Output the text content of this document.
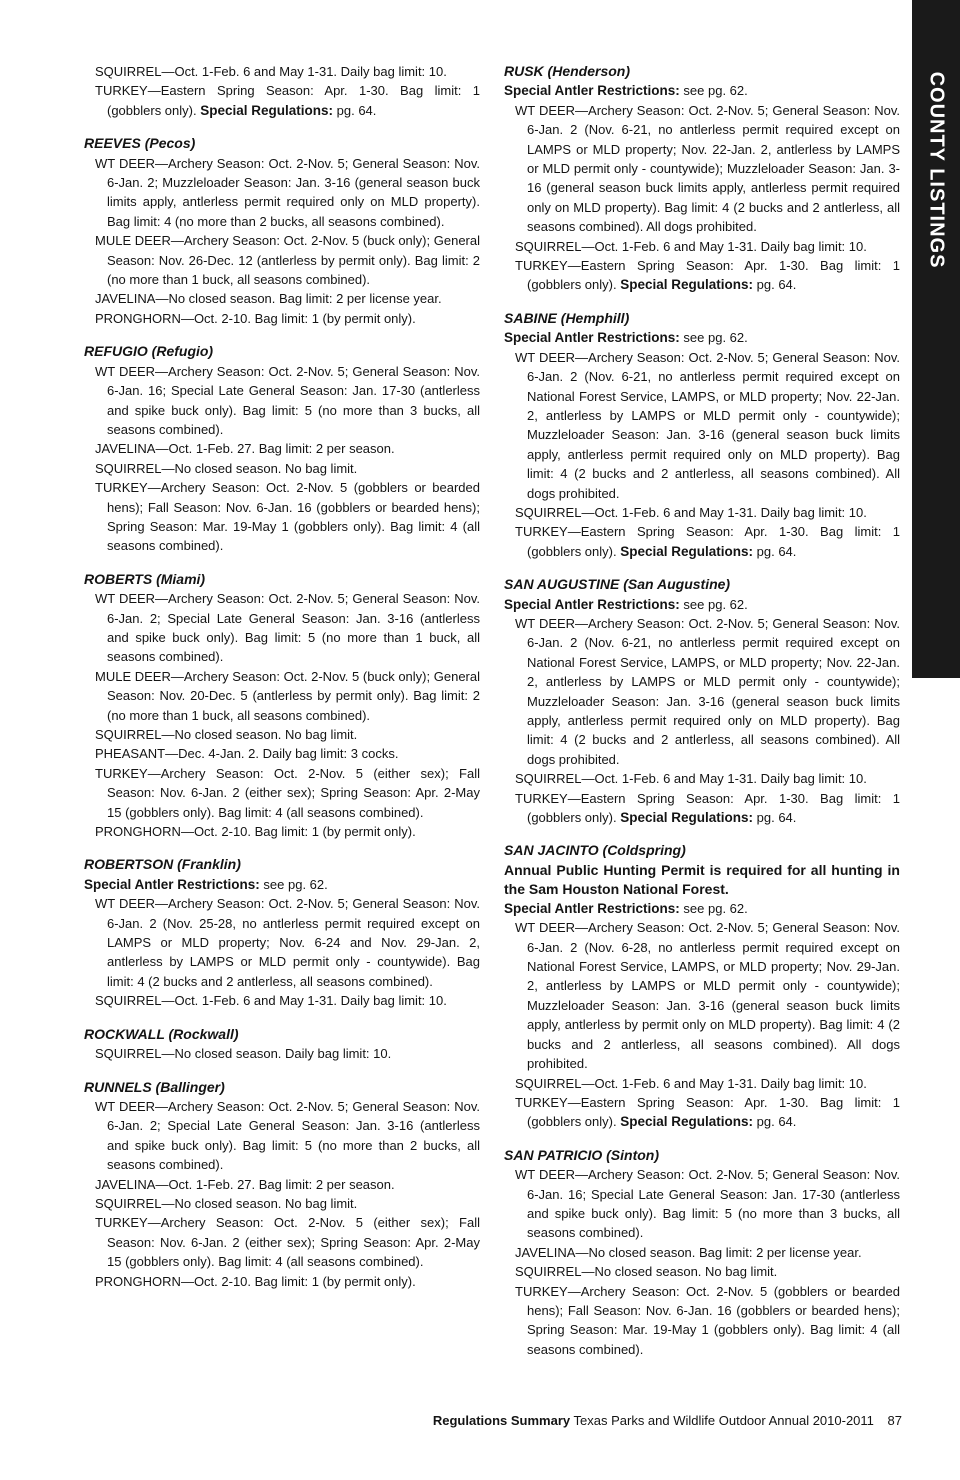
COUNTY LISTINGS
SQUIRREL—Oct. 1-Feb. 6 and May 1-31. Daily bag limit: 10.
TURKEY—Eastern Spring Season: Apr. 1-30. Bag limit: 1 (gobblers only). Special Regulations: pg. 64.
REEVES (Pecos)
WT DEER—Archery Season: Oct. 2-Nov. 5; General Season: Nov. 6-Jan. 2; Muzzleloader Season: Jan. 3-16 (general season buck limits apply, antlerless permit required only on MLD property). Bag limit: 4 (no more than 2 bucks, all seasons combined).
MULE DEER—Archery Season: Oct. 2-Nov. 5 (buck only); General Season: Nov. 26-Dec. 12 (antlerless by permit only). Bag limit: 2 (no more than 1 buck, all seasons combined).
JAVELINA—No closed season. Bag limit: 2 per license year.
PRONGHORN—Oct. 2-10. Bag limit: 1 (by permit only).
REFUGIO (Refugio)
WT DEER—Archery Season: Oct. 2-Nov. 5; General Season: Nov. 6-Jan. 16; Special Late General Season: Jan. 17-30 (antlerless and spike buck only). Bag limit: 5 (no more than 3 bucks, all seasons combined).
JAVELINA—Oct. 1-Feb. 27. Bag limit: 2 per season.
SQUIRREL—No closed season. No bag limit.
TURKEY—Archery Season: Oct. 2-Nov. 5 (gobblers or bearded hens); Fall Season: Nov. 6-Jan. 16 (gobblers or bearded hens); Spring Season: Mar. 19-May 1 (gobblers only). Bag limit: 4 (all seasons combined).
ROBERTS (Miami)
WT DEER—Archery Season: Oct. 2-Nov. 5; General Season: Nov. 6-Jan. 2; Special Late General Season: Jan. 3-16 (antlerless and spike buck only). Bag limit: 5 (no more than 1 buck, all seasons combined).
MULE DEER—Archery Season: Oct. 2-Nov. 5 (buck only); General Season: Nov. 20-Dec. 5 (antlerless by permit only). Bag limit: 2 (no more than 1 buck, all seasons combined).
SQUIRREL—No closed season. No bag limit.
PHEASANT—Dec. 4-Jan. 2. Daily bag limit: 3 cocks.
TURKEY—Archery Season: Oct. 2-Nov. 5 (either sex); Fall Season: Nov. 6-Jan. 2 (either sex); Spring Season: Apr. 2-May 15 (gobblers only). Bag limit: 4 (all seasons combined).
PRONGHORN—Oct. 2-10. Bag limit: 1 (by permit only).
ROBERTSON (Franklin)
Special Antler Restrictions: see pg. 62.
WT DEER—Archery Season: Oct. 2-Nov. 5; General Season: Nov. 6-Jan. 2 (Nov. 25-28, no antlerless permit required except on LAMPS or MLD property; Nov. 6-24 and Nov. 29-Jan. 2, antlerless by LAMPS or MLD permit only - countywide). Bag limit: 4 (2 bucks and 2 antlerless, all seasons combined).
SQUIRREL—Oct. 1-Feb. 6 and May 1-31. Daily bag limit: 10.
ROCKWALL (Rockwall)
SQUIRREL—No closed season. Daily bag limit: 10.
RUNNELS (Ballinger)
WT DEER—Archery Season: Oct. 2-Nov. 5; General Season: Nov. 6-Jan. 2; Special Late General Season: Jan. 3-16 (antlerless and spike buck only). Bag limit: 5 (no more than 2 bucks, all seasons combined).
JAVELINA—Oct. 1-Feb. 27. Bag limit: 2 per season.
SQUIRREL—No closed season. No bag limit.
TURKEY—Archery Season: Oct. 2-Nov. 5 (either sex); Fall Season: Nov. 6-Jan. 2 (either sex); Spring Season: Apr. 2-May 15 (gobblers only). Bag limit: 4 (all seasons combined).
PRONGHORN—Oct. 2-10. Bag limit: 1 (by permit only).
RUSK (Henderson)
Special Antler Restrictions: see pg. 62.
WT DEER—Archery Season: Oct. 2-Nov. 5; General Season: Nov. 6-Jan. 2 (Nov. 6-21, no antlerless permit required except on LAMPS or MLD property; Nov. 22-Jan. 2, antlerless by LAMPS or MLD permit only - countywide); Muzzleloader Season: Jan. 3-16 (general season buck limits apply, antlerless permit required only on MLD property). Bag limit: 4 (2 bucks and 2 antlerless, all seasons combined). All dogs prohibited.
SQUIRREL—Oct. 1-Feb. 6 and May 1-31. Daily bag limit: 10.
TURKEY—Eastern Spring Season: Apr. 1-30. Bag limit: 1 (gobblers only). Special Regulations: pg. 64.
SABINE (Hemphill)
Special Antler Restrictions: see pg. 62.
WT DEER—Archery Season: Oct. 2-Nov. 5; General Season: Nov. 6-Jan. 2 (Nov. 6-21, no antlerless permit required except on National Forest Service, LAMPS, or MLD property; Nov. 22-Jan. 2, antlerless by LAMPS or MLD permit only - countywide); Muzzleloader Season: Jan. 3-16 (general season buck limits apply, antlerless permit required only on MLD property). Bag limit: 4 (2 bucks and 2 antlerless, all seasons combined). All dogs prohibited.
SQUIRREL—Oct. 1-Feb. 6 and May 1-31. Daily bag limit: 10.
TURKEY—Eastern Spring Season: Apr. 1-30. Bag limit: 1 (gobblers only). Special Regulations: pg. 64.
SAN AUGUSTINE (San Augustine)
Special Antler Restrictions: see pg. 62.
WT DEER—Archery Season: Oct. 2-Nov. 5; General Season: Nov. 6-Jan. 2 (Nov. 6-21, no antlerless permit required except on National Forest Service, LAMPS, or MLD property; Nov. 22-Jan. 2, antlerless by LAMPS or MLD permit only - countywide); Muzzleloader Season: Jan. 3-16 (general season buck limits apply, antlerless permit required only on MLD property). Bag limit: 4 (2 bucks and 2 antlerless, all seasons combined). All dogs prohibited.
SQUIRREL—Oct. 1-Feb. 6 and May 1-31. Daily bag limit: 10.
TURKEY—Eastern Spring Season: Apr. 1-30. Bag limit: 1 (gobblers only). Special Regulations: pg. 64.
SAN JACINTO (Coldspring)
Annual Public Hunting Permit is required for all hunting in the Sam Houston National Forest.
Special Antler Restrictions: see pg. 62.
WT DEER—Archery Season: Oct. 2-Nov. 5; General Season: Nov. 6-Jan. 2 (Nov. 6-28, no antlerless permit required except on National Forest Service, LAMPS, or MLD property; Nov. 29-Jan. 2, antlerless by LAMPS or MLD permit only - countywide); Muzzleloader Season: Jan. 3-16 (general season buck limits apply, antlerless by permit only on MLD property). Bag limit: 4 (2 bucks and 2 antlerless, all seasons combined). All dogs prohibited.
SQUIRREL—Oct. 1-Feb. 6 and May 1-31. Daily bag limit: 10.
TURKEY—Eastern Spring Season: Apr. 1-30. Bag limit: 1 (gobblers only). Special Regulations: pg. 64.
SAN PATRICIO (Sinton)
WT DEER—Archery Season: Oct. 2-Nov. 5; General Season: Nov. 6-Jan. 16; Special Late General Season: Jan. 17-30 (antlerless and spike buck only). Bag limit: 5 (no more than 3 bucks, all seasons combined).
JAVELINA—No closed season. Bag limit: 2 per license year.
SQUIRREL—No closed season. No bag limit.
TURKEY—Archery Season: Oct. 2-Nov. 5 (gobblers or bearded hens); Fall Season: Nov. 6-Jan. 16 (gobblers or bearded hens); Spring Season: Mar. 19-May 1 (gobblers only). Bag limit: 4 (all seasons combined).
Regulations Summary Texas Parks and Wildlife Outdoor Annual 2010-2011 87
